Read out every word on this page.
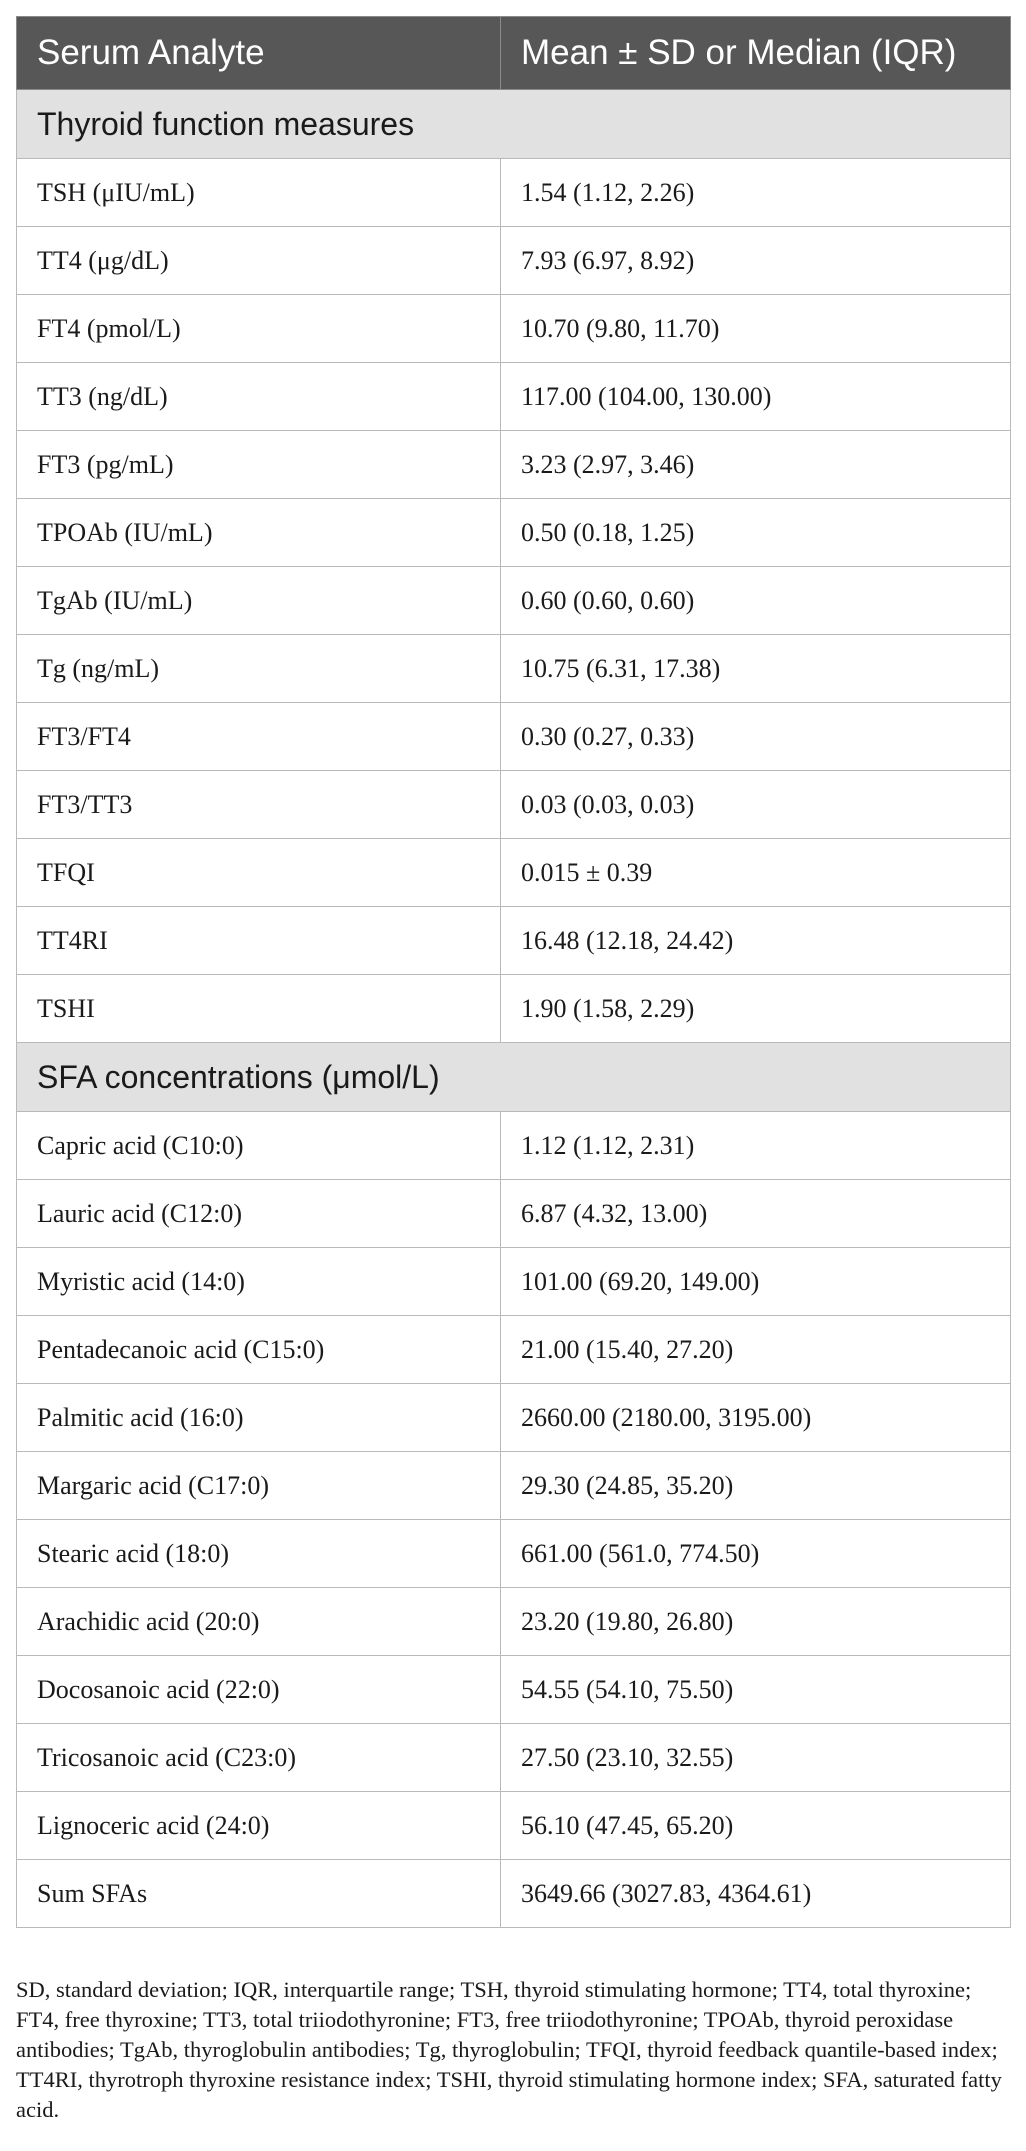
Serum Analyte	Mean ± SD or Median (IQR)
Thyroid function measures	
TSH (μIU/mL)	1.54 (1.12, 2.26)
TT4 (μg/dL)	7.93 (6.97, 8.92)
FT4 (pmol/L)	10.70 (9.80, 11.70)
TT3 (ng/dL)	117.00 (104.00, 130.00)
FT3 (pg/mL)	3.23 (2.97, 3.46)
TPOAb (IU/mL)	0.50 (0.18, 1.25)
TgAb (IU/mL)	0.60 (0.60, 0.60)
Tg (ng/mL)	10.75 (6.31, 17.38)
FT3/FT4	0.30 (0.27, 0.33)
FT3/TT3	0.03 (0.03, 0.03)
TFQI	0.015 ± 0.39
TT4RI	16.48 (12.18, 24.42)
TSHI	1.90 (1.58, 2.29)
SFA concentrations (μmol/L)	
Capric acid (C10:0)	1.12 (1.12, 2.31)
Lauric acid (C12:0)	6.87 (4.32, 13.00)
Myristic acid (14:0)	101.00 (69.20, 149.00)
Pentadecanoic acid (C15:0)	21.00 (15.40, 27.20)
Palmitic acid (16:0)	2660.00 (2180.00, 3195.00)
Margaric acid (C17:0)	29.30 (24.85, 35.20)
Stearic acid (18:0)	661.00 (561.0, 774.50)
Arachidic acid (20:0)	23.20 (19.80, 26.80)
Docosanoic acid (22:0)	54.55 (54.10, 75.50)
Tricosanoic acid (C23:0)	27.50 (23.10, 32.55)
Lignoceric acid (24:0)	56.10 (47.45, 65.20)
Sum SFAs	3649.66 (3027.83, 4364.61)

SD, standard deviation; IQR, interquartile range; TSH, thyroid stimulating hormone; TT4, total thyroxine; FT4, free thyroxine; TT3, total triiodothyronine; FT3, free triiodothyronine; TPOAb, thyroid peroxidase antibodies; TgAb, thyroglobulin antibodies; Tg, thyroglobulin; TFQI, thyroid feedback quantile-based index; TT4RI, thyrotroph thyroxine resistance index; TSHI, thyroid stimulating hormone index; SFA, saturated fatty acid.
